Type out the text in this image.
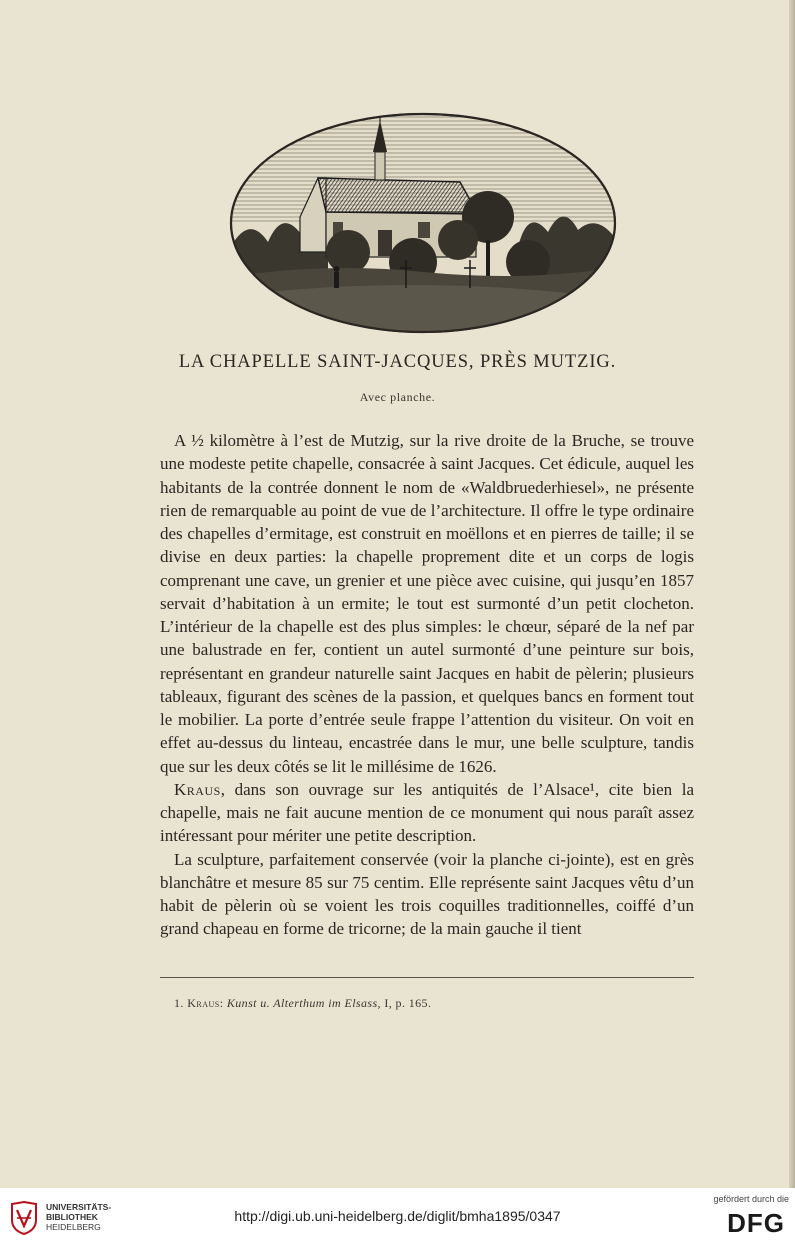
LA CHAPELLE SAINT-JACQUES, PRÈS MUTZIG.
Avec planche.

A ½ kilomètre à l’est de Mutzig, sur la rive droite de la Bruche, se trouve une modeste petite chapelle, consacrée à saint Jacques. Cet édicule, auquel les habitants de la contrée donnent le nom de «Waldbruederhiesel», ne présente rien de remarquable au point de vue de l’architecture. Il offre le type ordinaire des chapelles d’ermitage, est construit en moëllons et en pierres de taille; il se divise en deux parties: la chapelle proprement dite et un corps de logis comprenant une cave, un grenier et une pièce avec cuisine, qui jusqu’en 1857 servait d’habitation à un ermite; le tout est surmonté d’un petit clocheton. L’intérieur de la chapelle est des plus simples: le chœur, séparé de la nef par une balustrade en fer, contient un autel surmonté d’une peinture sur bois, représentant en grandeur naturelle saint Jacques en habit de pèlerin; plusieurs tableaux, figurant des scènes de la passion, et quelques bancs en forment tout le mobilier. La porte d’entrée seule frappe l’attention du visiteur. On voit en effet au-dessus du linteau, encastrée dans le mur, une belle sculpture, tandis que sur les deux côtés se lit le millésime de 1626.

Kraus, dans son ouvrage sur les antiquités de l’Alsace¹, cite bien la chapelle, mais ne fait aucune mention de ce monument qui nous paraît assez intéressant pour mériter une petite description.

La sculpture, parfaitement conservée (voir la planche ci-jointe), est en grès blanchâtre et mesure 85 sur 75 centim. Elle représente saint Jacques vêtu d’un habit de pèlerin où se voient les trois coquilles traditionnelles, coiffé d’un grand chapeau en forme de tricorne; de la main gauche il tient

1. Kraus: Kunst u. Alterthum im Elsass, I, p. 165.
UNIVERSITÄTS-
BIBLIOTHEK
HEIDELBERG
http://digi.ub.uni-heidelberg.de/diglit/bmha1895/0347
gefördert durch die
DFG
